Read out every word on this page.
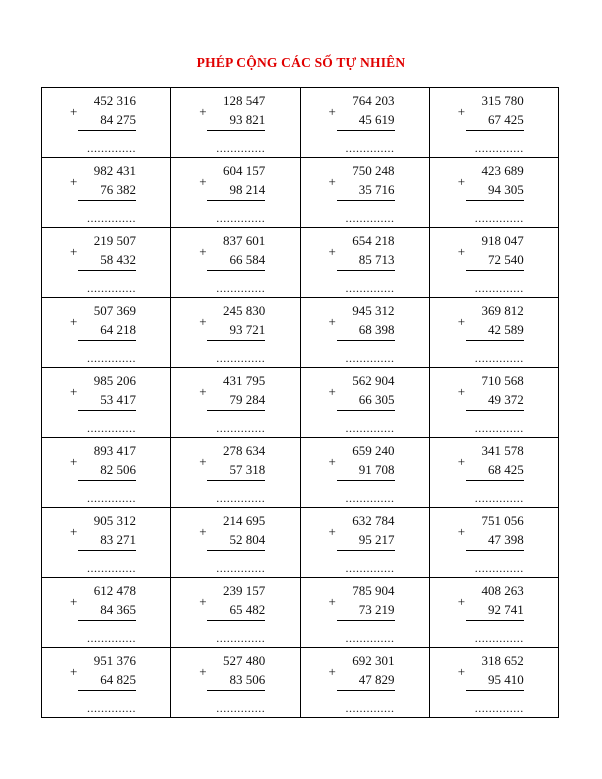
PHÉP CỘNG CÁC SỐ TỰ NHIÊN
452 316
+
84 275
..............	128 547
+
93 821
..............	764 203
+
45 619
..............	315 780
+
67 425
..............

982 431
+
76 382
..............	604 157
+
98 214
..............	750 248
+
35 716
..............	423 689
+
94 305
..............

219 507
+
58 432
..............	837 601
+
66 584
..............	654 218
+
85 713
..............	918 047
+
72 540
..............

507 369
+
64 218
..............	245 830
+
93 721
..............	945 312
+
68 398
..............	369 812
+
42 589
..............

985 206
+
53 417
..............	431 795
+
79 284
..............	562 904
+
66 305
..............	710 568
+
49 372
..............

893 417
+
82 506
..............	278 634
+
57 318
..............	659 240
+
91 708
..............	341 578
+
68 425
..............

905 312
+
83 271
..............	214 695
+
52 804
..............	632 784
+
95 217
..............	751 056
+
47 398
..............

612 478
+
84 365
..............	239 157
+
65 482
..............	785 904
+
73 219
..............	408 263
+
92 741
..............

951 376
+
64 825
..............	527 480
+
83 506
..............	692 301
+
47 829
..............	318 652
+
95 410
..............
